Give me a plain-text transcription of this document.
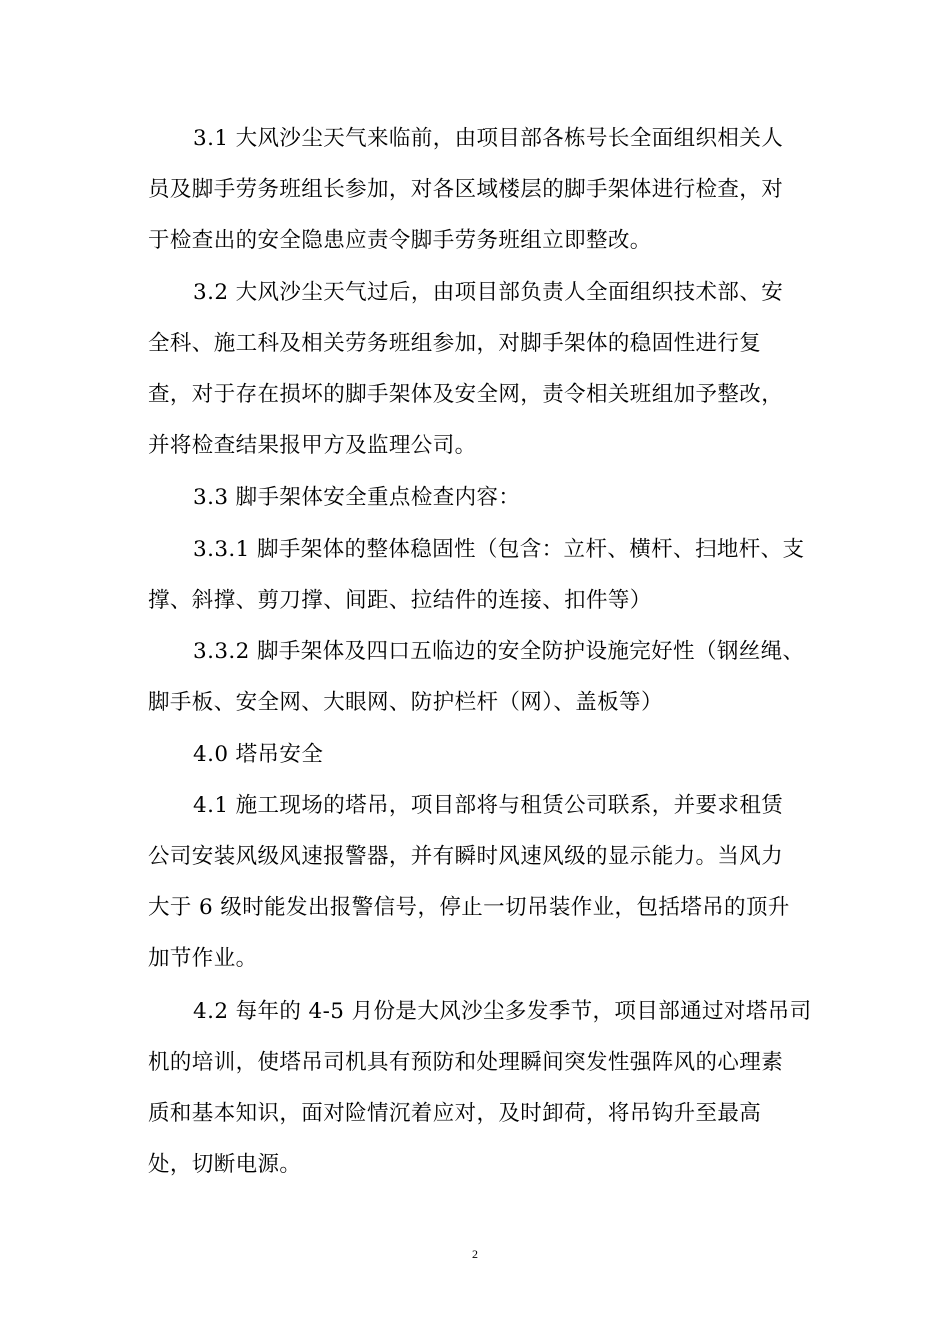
3.1 大风沙尘天气来临前，由项目部各栋号长全面组织相关人
员及脚手劳务班组长参加，对各区域楼层的脚手架体进行检查，对
于检查出的安全隐患应责令脚手劳务班组立即整改。
3.2 大风沙尘天气过后，由项目部负责人全面组织技术部、安
全科、施工科及相关劳务班组参加，对脚手架体的稳固性进行复
查，对于存在损坏的脚手架体及安全网，责令相关班组加予整改，
并将检查结果报甲方及监理公司。
3.3 脚手架体安全重点检查内容：
3.3.1 脚手架体的整体稳固性（包含：立杆、横杆、扫地杆、支
撑、斜撑、剪刀撑、间距、拉结件的连接、扣件等）
3.3.2 脚手架体及四口五临边的安全防护设施完好性（钢丝绳、
脚手板、安全网、大眼网、防护栏杆（网）、盖板等）
4.0 塔吊安全
4.1 施工现场的塔吊，项目部将与租赁公司联系，并要求租赁
公司安装风级风速报警器，并有瞬时风速风级的显示能力。当风力
大于 6 级时能发出报警信号，停止一切吊装作业，包括塔吊的顶升
加节作业。
4.2 每年的 4-5 月份是大风沙尘多发季节，项目部通过对塔吊司
机的培训，使塔吊司机具有预防和处理瞬间突发性强阵风的心理素
质和基本知识，面对险情沉着应对，及时卸荷，将吊钩升至最高
处，切断电源。
2
